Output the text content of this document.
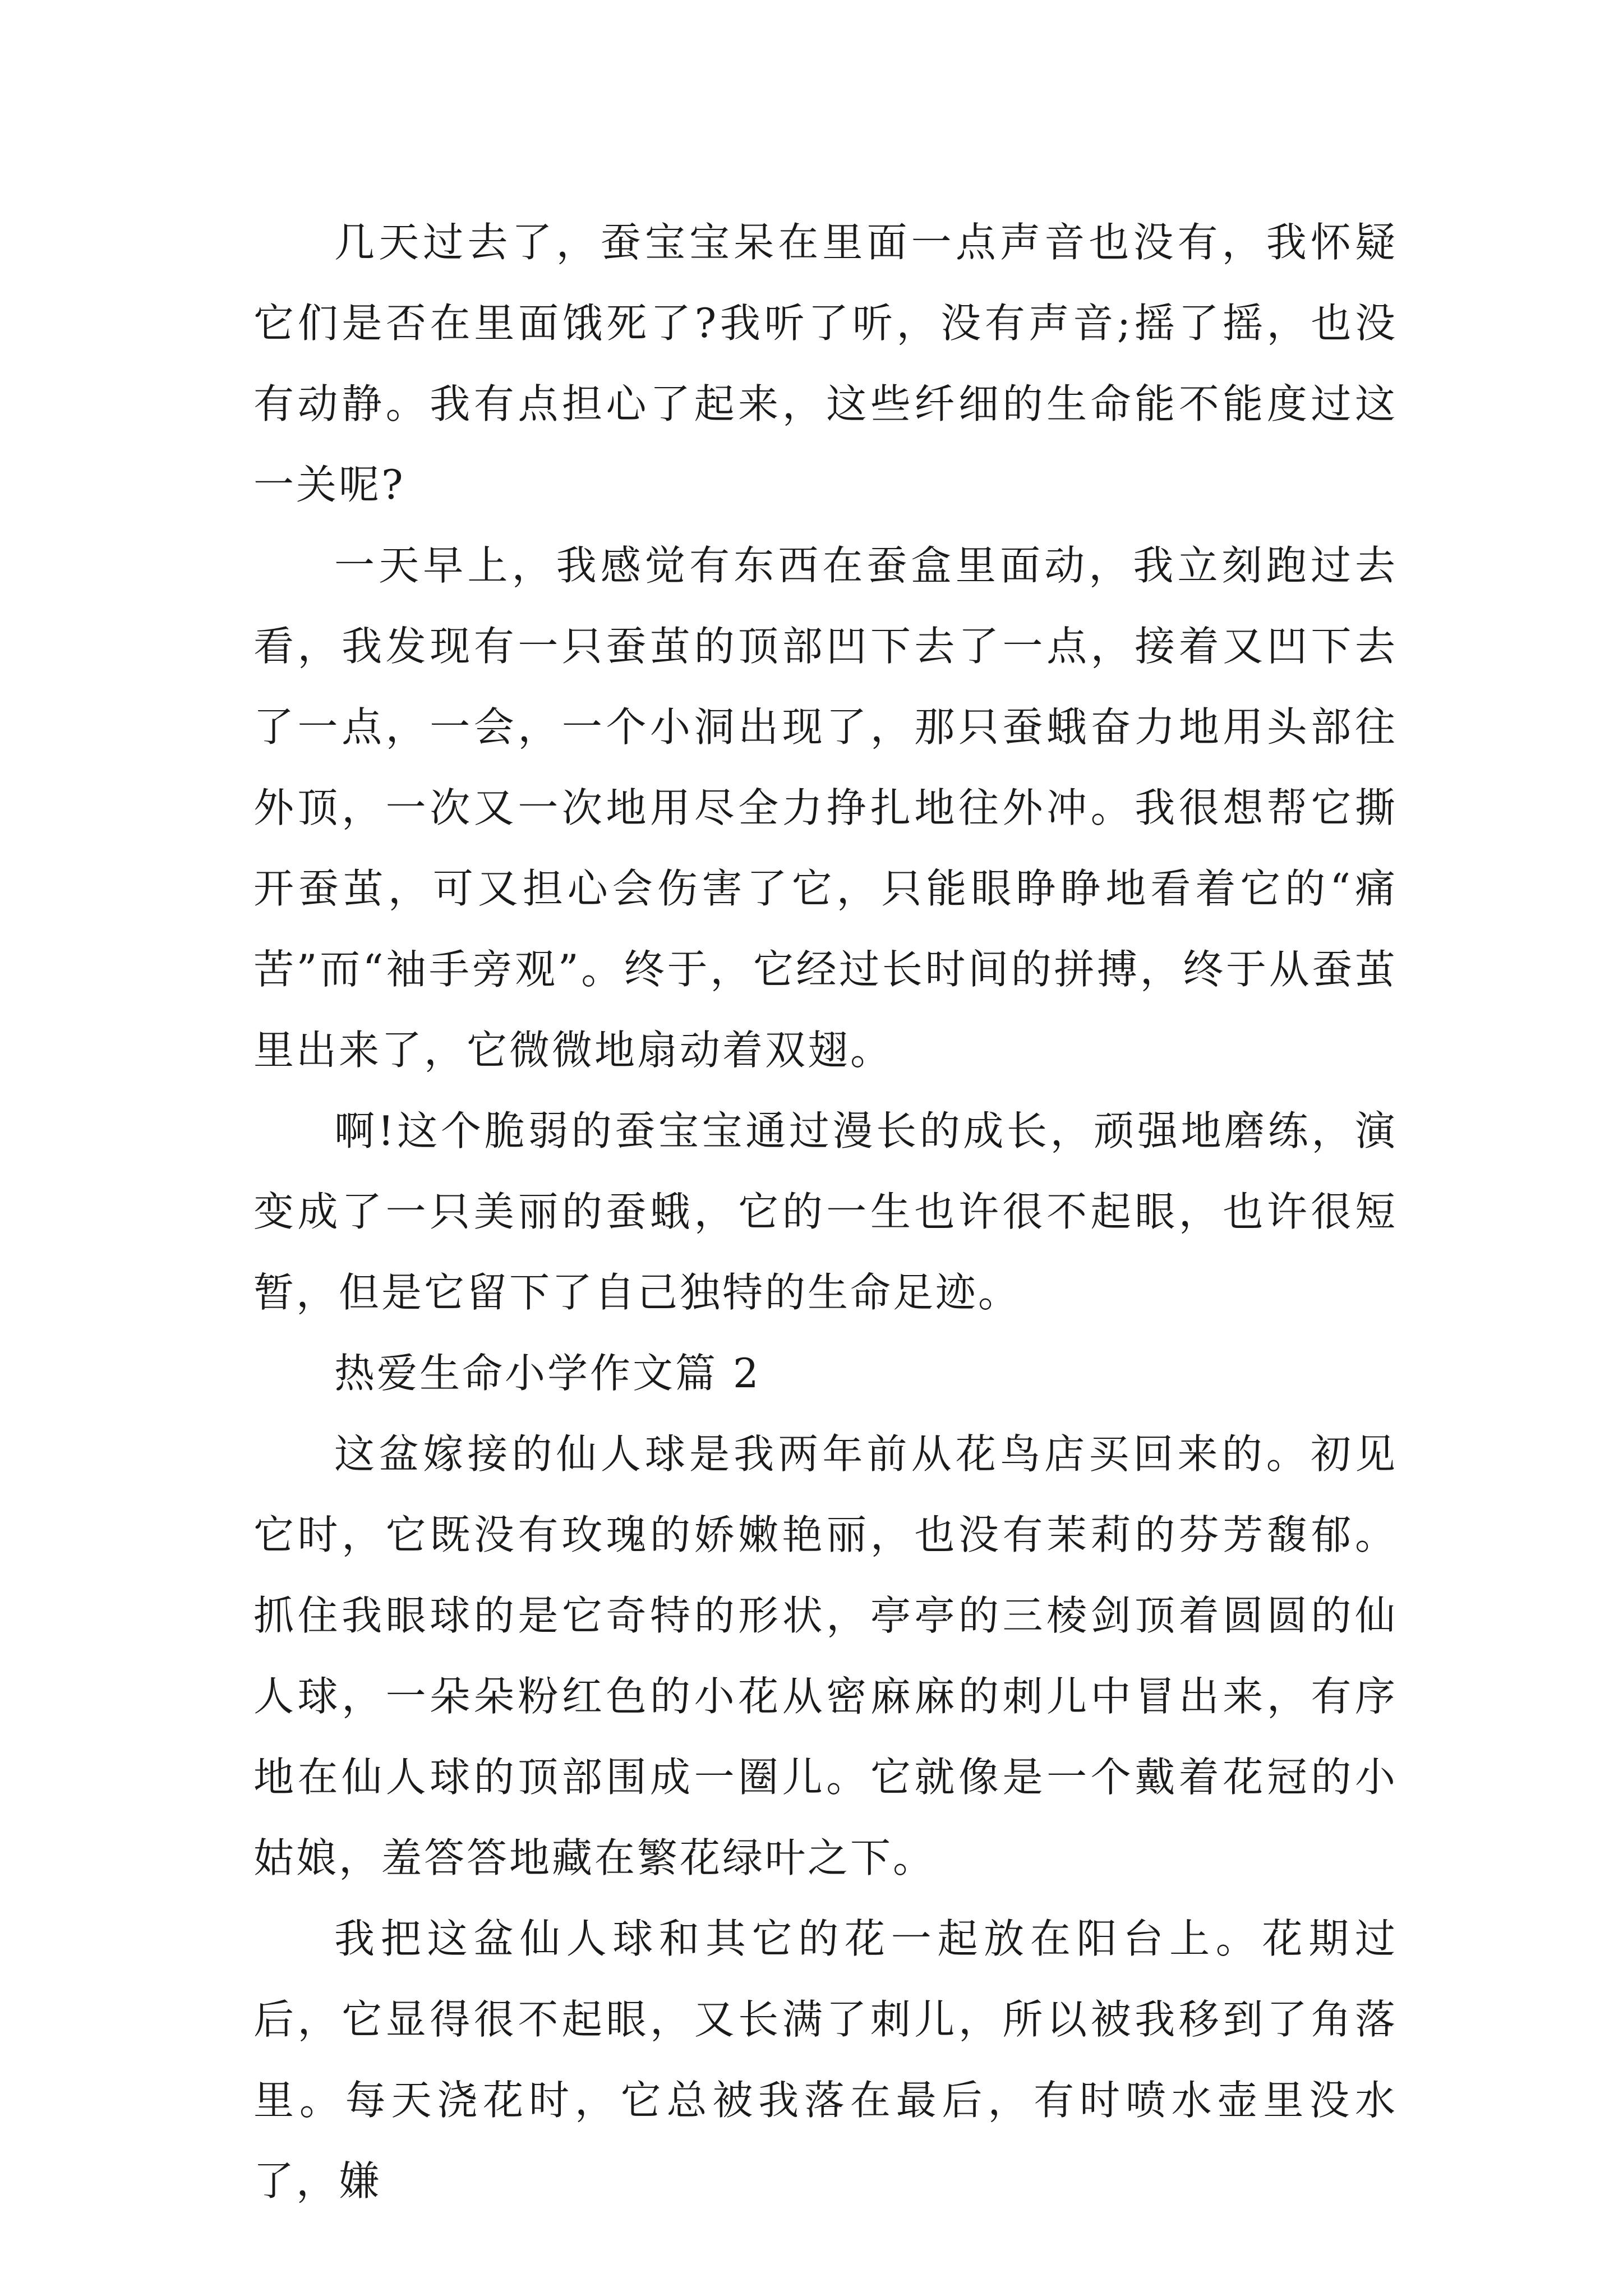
几天过去了，蚕宝宝呆在里面一点声音也没有，我怀疑它们是否在里面饿死了?我听了听，没有声音;摇了摇，也没有动静。我有点担心了起来，这些纤细的生命能不能度过这一关呢?

一天早上，我感觉有东西在蚕盒里面动，我立刻跑过去看，我发现有一只蚕茧的顶部凹下去了一点，接着又凹下去了一点，一会，一个小洞出现了，那只蚕蛾奋力地用头部往外顶，一次又一次地用尽全力挣扎地往外冲。我很想帮它撕开蚕茧，可又担心会伤害了它，只能眼睁睁地看着它的“痛苦”而“袖手旁观”。终于，它经过长时间的拼搏，终于从蚕茧里出来了，它微微地扇动着双翅。

啊!这个脆弱的蚕宝宝通过漫长的成长，顽强地磨练，演变成了一只美丽的蚕蛾，它的一生也许很不起眼，也许很短暂，但是它留下了自己独特的生命足迹。

热爱生命小学作文篇 2

这盆嫁接的仙人球是我两年前从花鸟店买回来的。初见它时，它既没有玫瑰的娇嫩艳丽，也没有茉莉的芬芳馥郁。抓住我眼球的是它奇特的形状，亭亭的三棱剑顶着圆圆的仙人球，一朵朵粉红色的小花从密麻麻的刺儿中冒出来，有序地在仙人球的顶部围成一圈儿。它就像是一个戴着花冠的小姑娘，羞答答地藏在繁花绿叶之下。

我把这盆仙人球和其它的花一起放在阳台上。花期过后，它显得很不起眼，又长满了刺儿，所以被我移到了角落里。每天浇花时，它总被我落在最后，有时喷水壶里没水了，嫌
